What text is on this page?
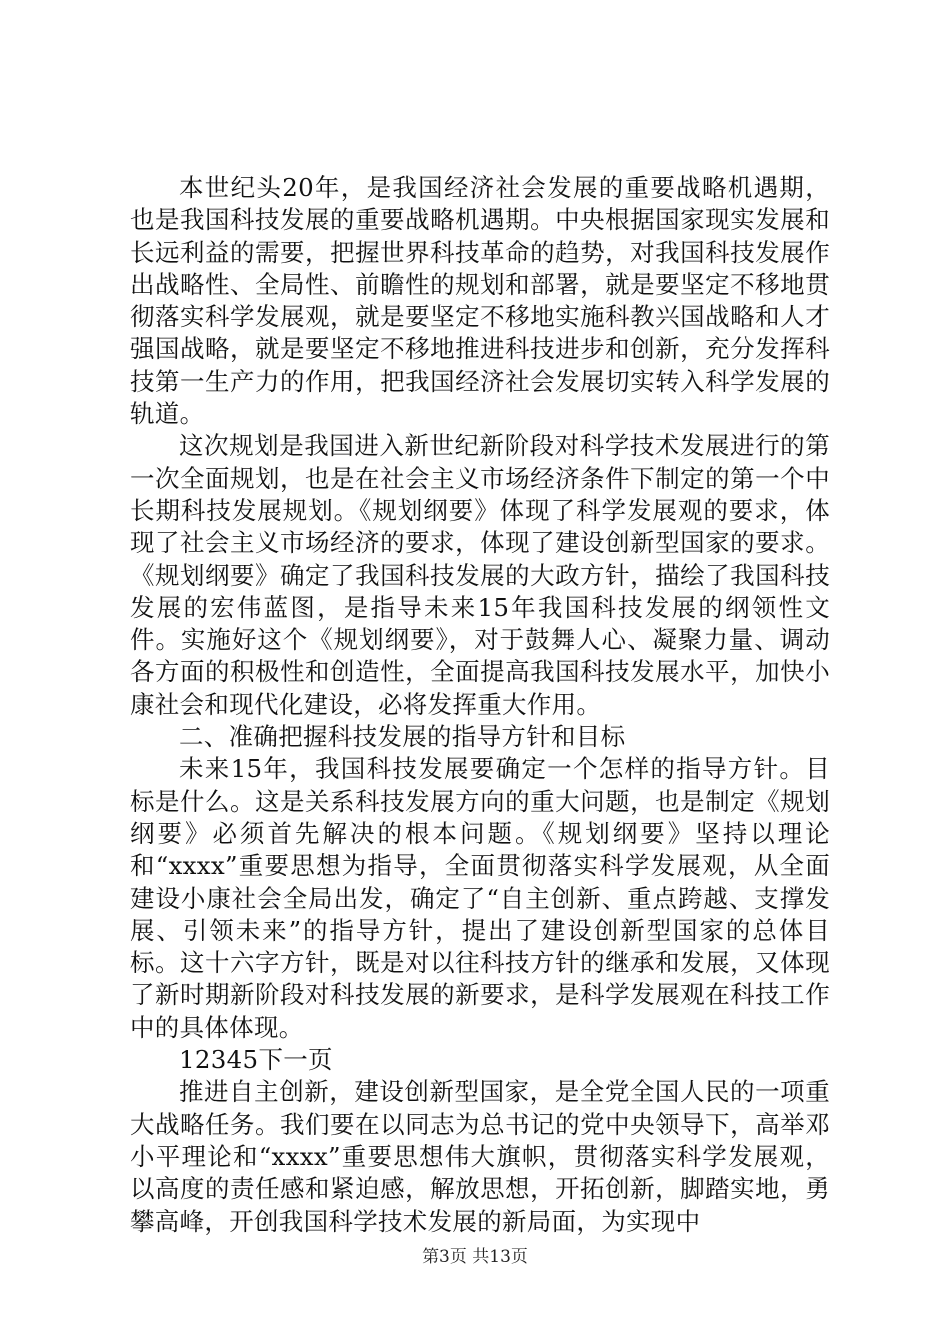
本世纪头20年，是我国经济社会发展的重要战略机遇期，也是我国科技发展的重要战略机遇期。中央根据国家现实发展和长远利益的需要，把握世界科技革命的趋势，对我国科技发展作出战略性、全局性、前瞻性的规划和部署，就是要坚定不移地贯彻落实科学发展观，就是要坚定不移地实施科教兴国战略和人才强国战略，就是要坚定不移地推进科技进步和创新，充分发挥科技第一生产力的作用，把我国经济社会发展切实转入科学发展的轨道。

这次规划是我国进入新世纪新阶段对科学技术发展进行的第一次全面规划，也是在社会主义市场经济条件下制定的第一个中长期科技发展规划。《规划纲要》体现了科学发展观的要求，体现了社会主义市场经济的要求，体现了建设创新型国家的要求。《规划纲要》确定了我国科技发展的大政方针，描绘了我国科技发展的宏伟蓝图，是指导未来15年我国科技发展的纲领性文件。实施好这个《规划纲要》，对于鼓舞人心、凝聚力量、调动各方面的积极性和创造性，全面提高我国科技发展水平，加快小康社会和现代化建设，必将发挥重大作用。

二、准确把握科技发展的指导方针和目标

未来15年，我国科技发展要确定一个怎样的指导方针。目标是什么。这是关系科技发展方向的重大问题，也是制定《规划纲要》必须首先解决的根本问题。《规划纲要》坚持以理论和“xxxx”重要思想为指导，全面贯彻落实科学发展观，从全面建设小康社会全局出发，确定了“自主创新、重点跨越、支撑发展、引领未来”的指导方针，提出了建设创新型国家的总体目标。这十六字方针，既是对以往科技方针的继承和发展，又体现了新时期新阶段对科技发展的新要求，是科学发展观在科技工作中的具体体现。

12345下一页

推进自主创新，建设创新型国家，是全党全国人民的一项重大战略任务。我们要在以同志为总书记的党中央领导下，高举邓小平理论和“xxxx”重要思想伟大旗帜，贯彻落实科学发展观，以高度的责任感和紧迫感，解放思想，开拓创新，脚踏实地，勇攀高峰，开创我国科学技术发展的新局面，为实现中

第3页 共13页
